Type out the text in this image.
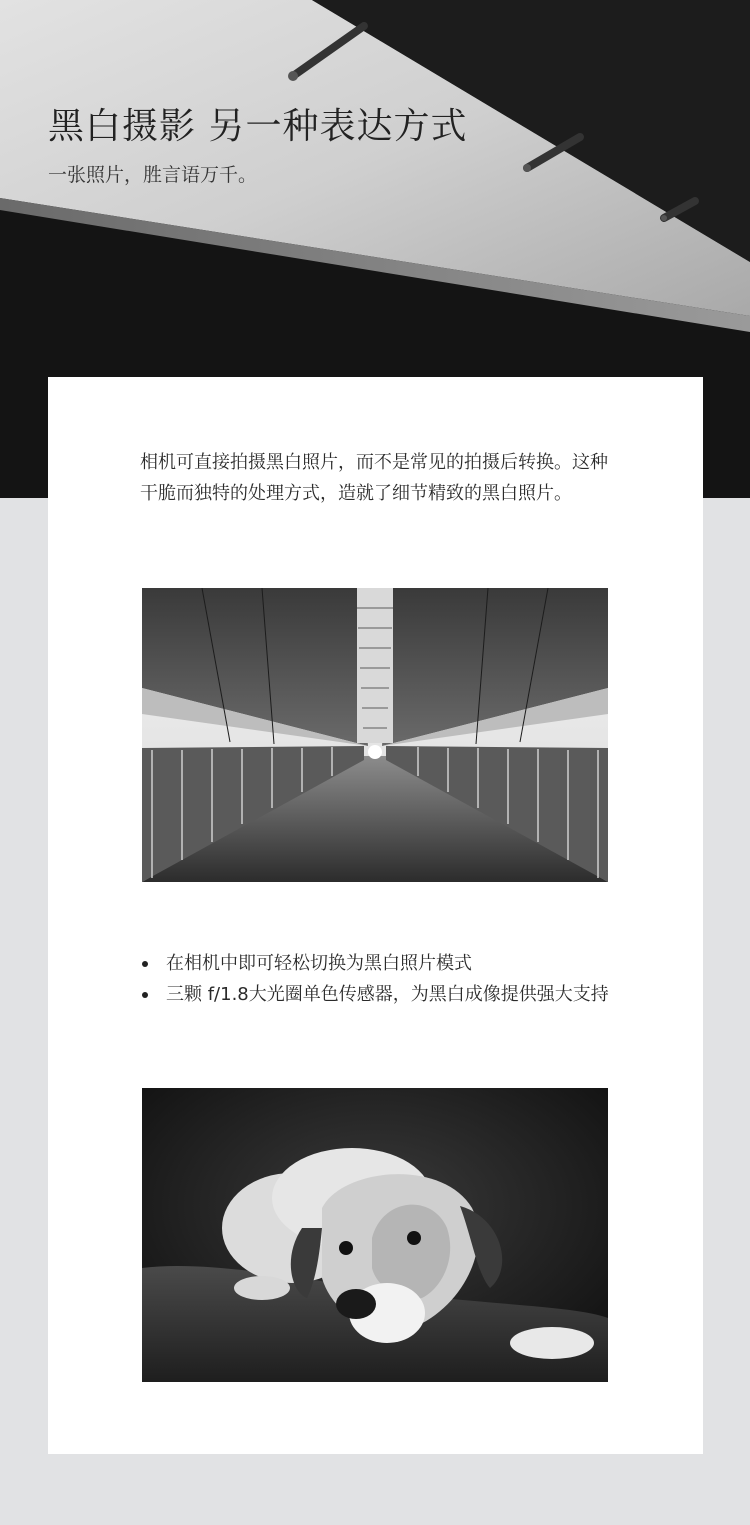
黑白摄影 另一种表达方式

一张照片，胜言语万千。

相机可直接拍摄黑白照片，而不是常见的拍摄后转换。这种干脆而独特的处理方式，造就了细节精致的黑白照片。

在相机中即可轻松切换为黑白照片模式
三颗 f/1.8大光圈单色传感器，为黑白成像提供强大支持
